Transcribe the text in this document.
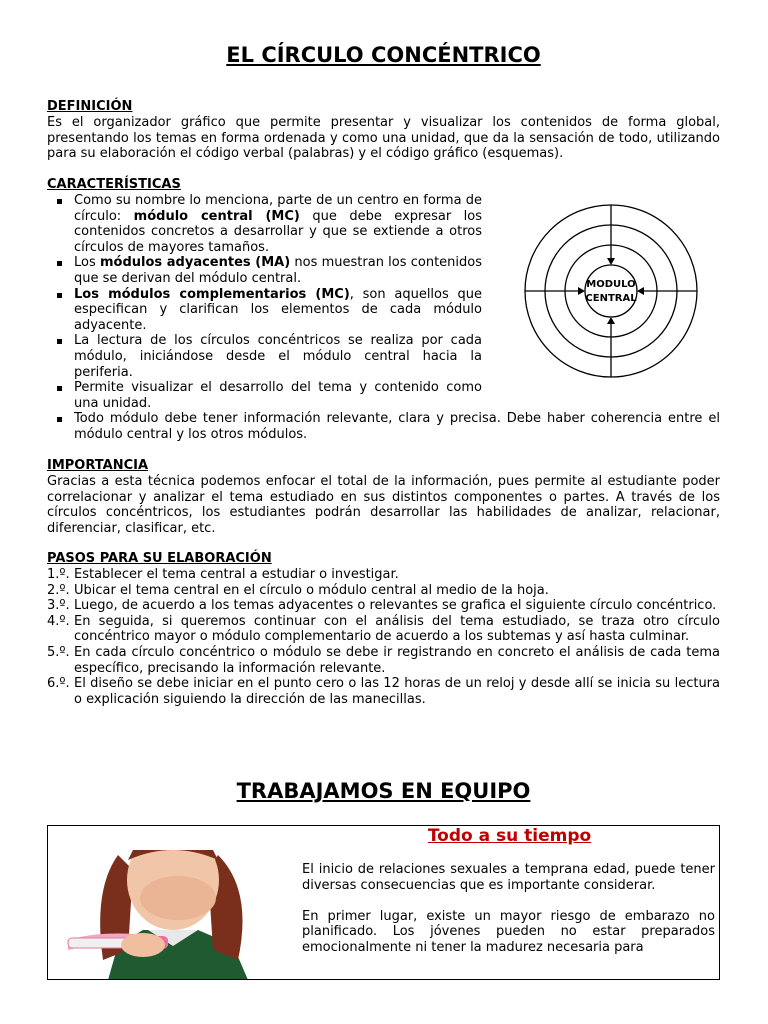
EL CÍRCULO CONCÉNTRICO
DEFINICIÓN

Es el organizador gráfico que permite presentar y visualizar los contenidos de forma global, presentando los temas en forma ordenada y como una unidad, que da la sensación de todo, utilizando para su elaboración el código verbal (palabras) y el código gráfico (esquemas).

CARACTERÍSTICAS
Como su nombre lo menciona, parte de un centro en forma de círculo: módulo central (MC) que debe expresar los contenidos concretos a desarrollar y que se extiende a otros círculos de mayores tamaños.
Los módulos adyacentes (MA) nos muestran los contenidos que se derivan del módulo central.
Los módulos complementarios (MC), son aquellos que especifican y clarifican los elementos de cada módulo adyacente.
La lectura de los círculos concéntricos se realiza por cada módulo, iniciándose desde el módulo central hacia la periferia.
Permite visualizar el desarrollo del tema y contenido como una unidad.
Todo módulo debe tener información relevante, clara y precisa. Debe haber coherencia entre el módulo central y los otros módulos.
IMPORTANCIA

Gracias a esta técnica podemos enfocar el total de la información, pues permite al estudiante poder correlacionar y analizar el tema estudiado en sus distintos componentes o partes. A través de los círculos concéntricos, los estudiantes podrán desarrollar las habilidades de analizar, relacionar, diferenciar, clasificar, etc.

PASOS PARA SU ELABORACIÓN
1.º. Establecer el tema central a estudiar o investigar.
2.º. Ubicar el tema central en el círculo o módulo central al medio de la hoja.
3.º. Luego, de acuerdo a los temas adyacentes o relevantes se grafica el siguiente círculo concéntrico.
4.º. En seguida, si queremos continuar con el análisis del tema estudiado, se traza otro círculo concéntrico mayor o módulo complementario de acuerdo a los subtemas y así hasta culminar.
5.º. En cada círculo concéntrico o módulo se debe ir registrando en concreto el análisis de cada tema específico, precisando la información relevante.
6.º. El diseño se debe iniciar en el punto cero o las 12 horas de un reloj y desde allí se inicia su lectura o explicación siguiendo la dirección de las manecillas.
TRABAJAMOS EN EQUIPO
MODULO
CENTRAL
Todo a su tiempo

El inicio de relaciones sexuales a temprana edad, puede tener diversas consecuencias que es importante considerar.

En primer lugar, existe un mayor riesgo de embarazo no planificado. Los jóvenes pueden no estar preparados emocionalmente ni tener la madurez necesaria para
